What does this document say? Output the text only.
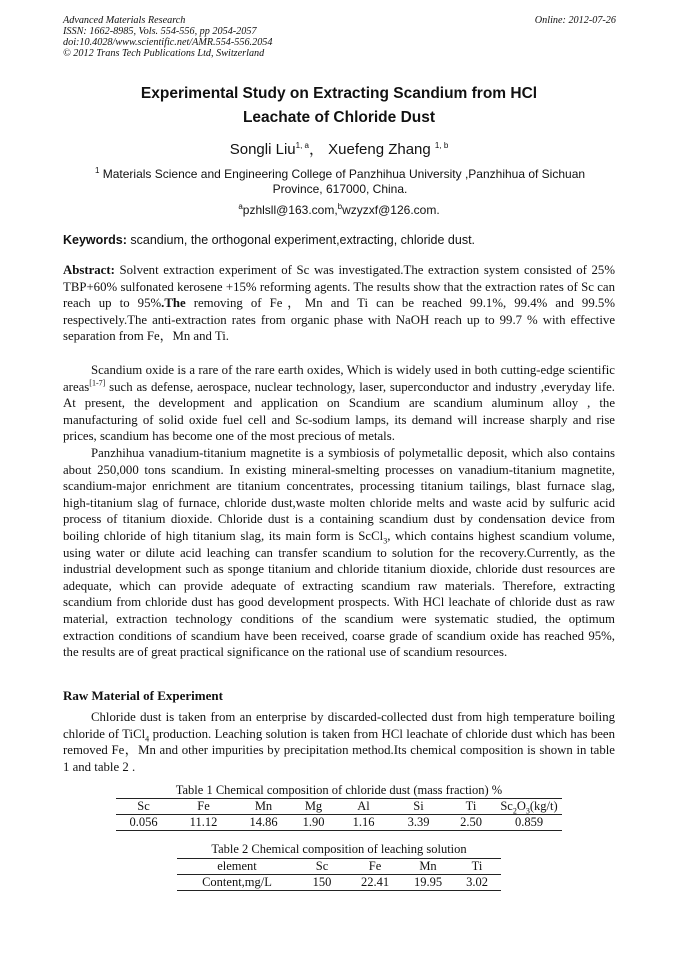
Advanced Materials Research
ISSN: 1662-8985, Vols. 554-556, pp 2054-2057
doi:10.4028/www.scientific.net/AMR.554-556.2054
© 2012 Trans Tech Publications Ltd, Switzerland
Online: 2012-07-26
Experimental Study on Extracting Scandium from HCl
Leachate of Chloride Dust
Songli Liu$^{1, a}$， Xuefeng Zhang $^{1, b}$
$^1$ Materials Science and Engineering College of Panzhihua University ,Panzhihua of Sichuan Province, 617000, China.
$^a$pzhlsll@163.com,$^b$wzyzxf@126.com.
Keywords: scandium, the orthogonal experiment,extracting, chloride dust.
Abstract: Solvent extraction experiment of Sc was investigated.The extraction system consisted of 25% TBP+60% sulfonated kerosene +15% reforming agents. The results show that the extraction rates of Sc can reach up to 95%.The removing of Fe，Mn and Ti can be reached 99.1%, 99.4% and 99.5% respectively.The anti-extraction rates from organic phase with NaOH reach up to 99.7 % with effective separation from Fe，Mn and Ti.
Scandium oxide is a rare of the rare earth oxides, Which is widely used in both cutting-edge scientific areas[1-7] such as defense, aerospace, nuclear technology, laser, superconductor and industry ,everyday life. At present, the development and application on Scandium are scandium aluminum alloy , the manufacturing of solid oxide fuel cell and Sc-sodium lamps, its demand will increase sharply and rise prices, scandium has become one of the most precious of metals.
Panzhihua vanadium-titanium magnetite is a symbiosis of polymetallic deposit, which also contains about 250,000 tons scandium. In existing mineral-smelting processes on vanadium-titanium magnetite, scandium-major enrichment are titanium concentrates, processing titanium tailings, blast furnace slag, high-titanium slag of furnace, chloride dust,waste molten chloride melts and waste acid by sulfuric acid process of titanium dioxide. Chloride dust is a containing scandium dust by condensation device from boiling chloride of high titanium slag, its main form is ScCl$_3$, which contains highest scandium volume, using water or dilute acid leaching can transfer scandium to solution for the recovery.Currently, as the industrial development such as sponge titanium and chloride titanium dioxide, chloride dust resources are adequate, which can provide adequate of extracting scandium raw materials. Therefore, extracting scandium from chloride dust has good development prospects. With HCl leachate of chloride dust as raw material, extraction technology conditions of the scandium were systematic studied, the optimum extraction conditions of scandium have been received, coarse grade of scandium oxide has reached 95%, the results are of great practical significance on the rational use of scandium resources.
Raw Material of Experiment
Chloride dust is taken from an enterprise by discarded-collected dust from high temperature boiling chloride of TiCl$_4$ production. Leaching solution is taken from HCl leachate of chloride dust which has been removed Fe，Mn and other impurities by precipitation method.Its chemical composition is shown in table 1 and table 2 .
Table 1 Chemical composition of chloride dust (mass fraction) %
Sc	Fe	Mn	Mg	Al	Si	Ti	$Sc_2O_3(kg/t)$
0.056	11.12	14.86	1.90	1.16	3.39	2.50	0.859
Table 2 Chemical composition of leaching solution
element	Sc	Fe	Mn	Ti
Content,mg/L	150	22.41	19.95	3.02
